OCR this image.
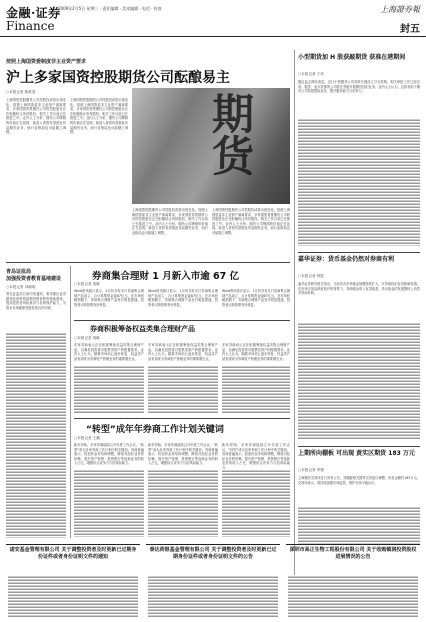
金融·证券
Finance
2009年2月5日 星期三 · 责任编辑 · 美术编辑 · 电话 · 传真	上海證券報
封五
按照上海国资委制度非主业资产要求
沪上多家国资控股期货公司酝酿易主
○本报记者 陈维善
上海国资控股期货公司控股权或将出现变化。按照上海国资委非主业资产剥离要求，多家国资背景期货公司的控股股东正在酝酿转让所持股权，相关工作目前已在推进之中。业内人士分析，期货公司牌照的价值正在显现，新进入者将有望借此布局期货业务，而行业格局也可能随之调整。
上海国资控股期货公司控股权或将出现变化。按照上海国资委非主业资产剥离要求，多家国资背景期货公司的控股股东正在酝酿转让所持股权，相关工作目前已在推进之中。业内人士分析，期货公司牌照的价值正在显现，新进入者将有望借此布局期货业务，而行业格局也可能随之调整。	期货
上海国资控股期货公司控股权或将出现变化。按照上海国资委非主业资产剥离要求，多家国资背景期货公司的控股股东正在酝酿转让所持股权，相关工作目前已在推进之中。业内人士分析，期货公司牌照的价值正在显现，新进入者将有望借此布局期货业务，而行业格局也可能随之调整。
上海国资控股期货公司控股权或将出现变化。按照上海国资委非主业资产剥离要求，多家国资背景期货公司的控股股东正在酝酿转让所持股权，相关工作目前已在推进之中。业内人士分析，期货公司牌照的价值正在显现，新进入者将有望借此布局期货业务，而行业格局也可能随之调整。
小型期货加 H 股获敲期货 获准在港期间
○本报记者 于祥
据证监会网站消息，近日小型期货公司获准在港设立分支机构，相关审批工作已经完成。据悉，此次获准的公司将在香港开展期货经纪业务，业内人士认为，这将有助于期货公司拓展国际业务，提升服务能力与竞争力。
嘉华证券：货币基金仍然对券商有利
○本报记者 钟振
嘉华证券研究报告指出，当前货币市场基金规模持续扩大，对券商经纪业务影响有限。在市场交易活跃度回升的背景下，券商佣金收入有望改善，货币基金的发展整体上仍然对券商有利。
上期所向棚板 可出现 黄实区期货 183 万元
○本报记者 李强
上海期货交易所近日发布公告，对棚板相关期货交易进行调整，涉及金额约183万元。交易所表示，将持续加强市场监管，维护市场平稳运行。
青岛证监局
加强投资者教育基地建设
○本报记者 刘晓明
青岛证监局日前印发通知，要求辖区证券期货经营机构加强投资者教育基地建设，提高投资者风险意识与自我保护能力，为资本市场健康发展营造良好环境。
券商集合理财 1 月新入市逾 67 亿
○本报记者 周翀
Wind资讯统计显示，1月份共有多只券商集合理财产品成立，合计募集资金逾67亿元。在市场回暖预期下，券商集合理财产品发行明显提速，投资者认购热情有所恢复。
Wind资讯统计显示，1月份共有多只券商集合理财产品成立，合计募集资金逾67亿元。在市场回暖预期下，券商集合理财产品发行明显提速，投资者认购热情有所恢复。
Wind资讯统计显示，1月份共有多只券商集合理财产品成立，合计募集资金逾67亿元。在市场回暖预期下，券商集合理财产品发行明显提速，投资者认购热情有所恢复。
券商积极筹备权益类集合理财产品
○本报记者 周翀
多家券商表示正在积极筹备权益类集合理财产品，以满足投资者对股票类资产的配置需求。业内人士认为，随着市场信心逐步恢复，权益类产品有望成为券商资产管理业务的重要增长点。
多家券商表示正在积极筹备权益类集合理财产品，以满足投资者对股票类资产的配置需求。业内人士认为，随着市场信心逐步恢复，权益类产品有望成为券商资产管理业务的重要增长点。
多家券商表示正在积极筹备权益类集合理财产品，以满足投资者对股票类资产的配置需求。业内人士认为，随着市场信心逐步恢复，权益类产品有望成为券商资产管理业务的重要增长点。
“转型”成年年券商工作计划关键词
○本报记者 王璐
新年伊始，多家券商陆续召开年度工作会议，“转型”成为各家券商工作计划中的关键词。券商普遍表示，将加快业务结构调整，降低对经纪业务的依赖，提升资产管理、投资银行等创新业务的收入占比，增强综合竞争力与抗风险能力。
新年伊始，多家券商陆续召开年度工作会议，“转型”成为各家券商工作计划中的关键词。券商普遍表示，将加快业务结构调整，降低对经纪业务的依赖，提升资产管理、投资银行等创新业务的收入占比，增强综合竞争力与抗风险能力。
新年伊始，多家券商陆续召开年度工作会议，“转型”成为各家券商工作计划中的关键词。券商普遍表示，将加快业务结构调整，降低对经纪业务的依赖，提升资产管理、投资银行等创新业务的收入占比，增强综合竞争力与抗风险能力。
诺安基金管理有限公司 关于调整投资者及时更新已过期身份证件或者身份证明文件的通知
泰达荷银基金管理有限公司 关于调整投资者及时更新已过期身份证件或者身份证明文件的公告
深圳市高正生物工程股份有限公司 关于收购镇润投资股权进展情况的公告
